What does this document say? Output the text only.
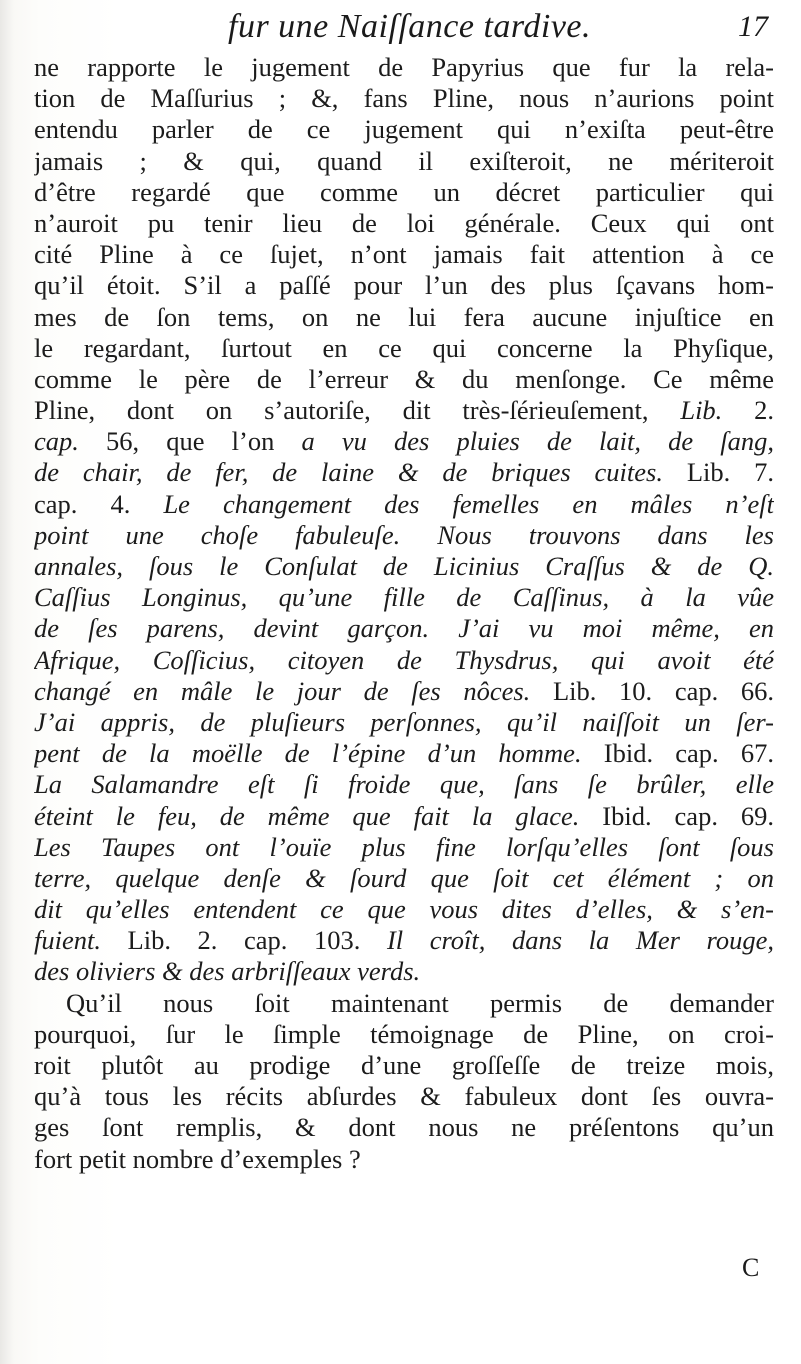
fur une Naiſſance tardive.	17
ne rapporte le jugement de Papyrius que fur la rela-
tion de Maſſurius ; &, fans Pline, nous n’aurions point
entendu parler de ce jugement qui n’exiſta peut-être
jamais ; & qui, quand il exiſteroit, ne mériteroit
d’être regardé que comme un décret particulier qui
n’auroit pu tenir lieu de loi générale. Ceux qui ont
cité Pline à ce ſujet, n’ont jamais fait attention à ce
qu’il étoit. S’il a paſſé pour l’un des plus ſçavans hom-
mes de ſon tems, on ne lui fera aucune injuſtice en
le regardant, ſurtout en ce qui concerne la Phyſique,
comme le père de l’erreur & du menſonge. Ce même
Pline, dont on s’autoriſe, dit très-ſérieuſement, Lib. 2.
cap. 56, que l’on a vu des pluies de lait, de ſang,
de chair, de fer, de laine & de briques cuites. Lib. 7.
cap. 4. Le changement des femelles en mâles n’eſt
point une choſe fabuleuſe. Nous trouvons dans les
annales, ſous le Conſulat de Licinius Craſſus & de Q.
Caſſius Longinus, qu’une fille de Caſſinus, à la vûe
de ſes parens, devint garçon. J’ai vu moi même, en
Afrique, Coſſicius, citoyen de Thysdrus, qui avoit été
changé en mâle le jour de ſes nôces. Lib. 10. cap. 66.
J’ai appris, de pluſieurs perſonnes, qu’il naiſſoit un ſer-
pent de la moëlle de l’épine d’un homme. Ibid. cap. 67.
La Salamandre eſt ſi froide que, ſans ſe brûler, elle
éteint le feu, de même que fait la glace. Ibid. cap. 69.
Les Taupes ont l’ouïe plus fine lorſqu’elles ſont ſous
terre, quelque denſe & ſourd que ſoit cet élément ; on
dit qu’elles entendent ce que vous dites d’elles, & s’en-
fuient. Lib. 2. cap. 103. Il croît, dans la Mer rouge,
des oliviers & des arbriſſeaux verds.
Qu’il nous ſoit maintenant permis de demander
pourquoi, ſur le ſimple témoignage de Pline, on croi-
roit plutôt au prodige d’une groſſeſſe de treize mois,
qu’à tous les récits abſurdes & fabuleux dont ſes ouvra-
ges ſont remplis, & dont nous ne préſentons qu’un
fort petit nombre d’exemples ?
C
